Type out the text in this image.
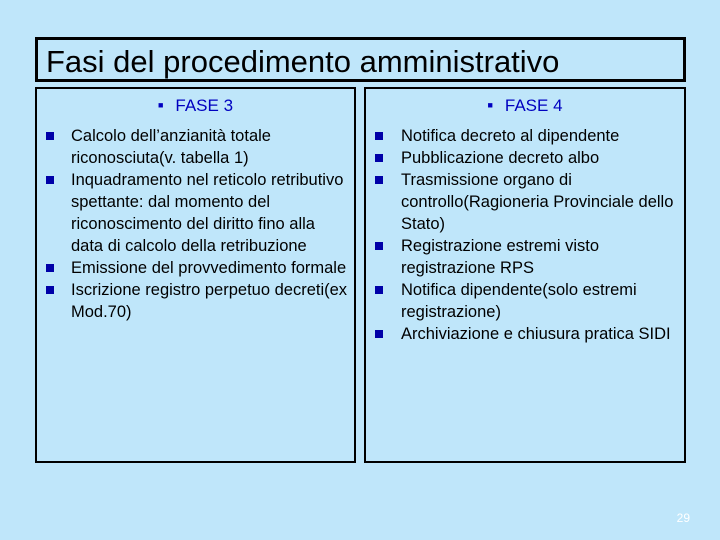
Fasi del procedimento amministrativo
■ FASE 3
Calcolo dell’anzianità totale riconosciuta(v. tabella 1)
Inquadramento nel reticolo retributivo spettante: dal momento del riconoscimento del diritto fino alla data di calcolo della retribuzione
Emissione del provvedimento formale
Iscrizione registro perpetuo decreti(ex Mod.70)
■ FASE 4
Notifica decreto al dipendente
Pubblicazione decreto albo
Trasmissione organo di controllo(Ragioneria Provinciale dello Stato)
Registrazione estremi visto registrazione RPS
Notifica dipendente(solo estremi registrazione)
Archiviazione e chiusura pratica SIDI
29
